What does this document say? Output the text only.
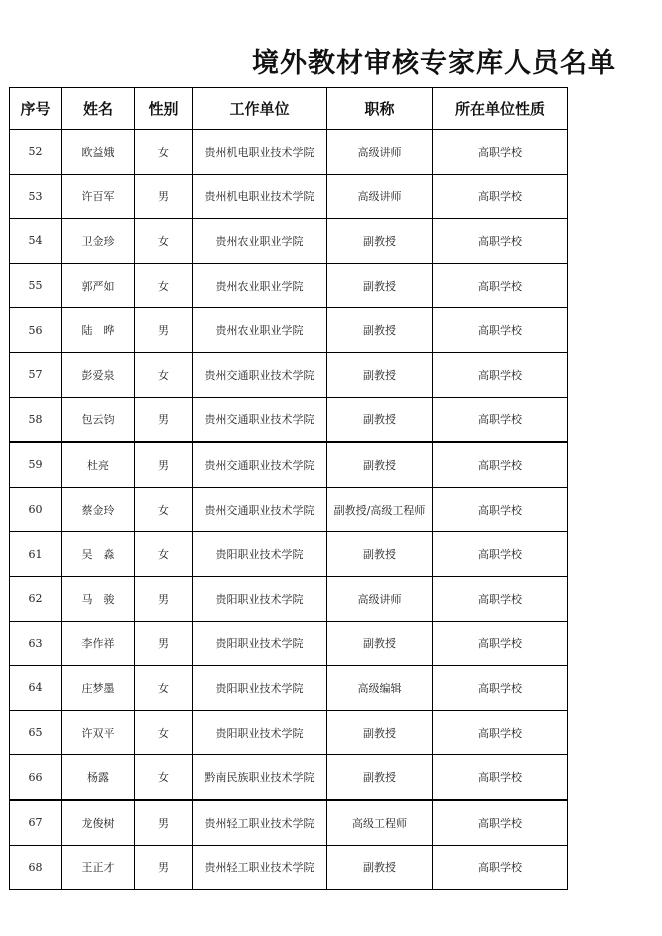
境外教材审核专家库人员名单
序号	姓名	性别	工作单位	职称	所在单位性质
52	欧益娥	女	贵州机电职业技术学院	高级讲师	高职学校
53	许百军	男	贵州机电职业技术学院	高级讲师	高职学校
54	卫金珍	女	贵州农业职业学院	副教授	高职学校
55	郭严如	女	贵州农业职业学院	副教授	高职学校
56	陆　晔	男	贵州农业职业学院	副教授	高职学校
57	彭爱泉	女	贵州交通职业技术学院	副教授	高职学校
58	包云钧	男	贵州交通职业技术学院	副教授	高职学校
59	杜亮	男	贵州交通职业技术学院	副教授	高职学校
60	蔡金玲	女	贵州交通职业技术学院	副教授/高级工程师	高职学校
61	吴　淼	女	贵阳职业技术学院	副教授	高职学校
62	马　骏	男	贵阳职业技术学院	高级讲师	高职学校
63	李作祥	男	贵阳职业技术学院	副教授	高职学校
64	庄梦墨	女	贵阳职业技术学院	高级编辑	高职学校
65	许双平	女	贵阳职业技术学院	副教授	高职学校
66	杨露	女	黔南民族职业技术学院	副教授	高职学校
67	龙俊树	男	贵州轻工职业技术学院	高级工程师	高职学校
68	王正才	男	贵州轻工职业技术学院	副教授	高职学校
